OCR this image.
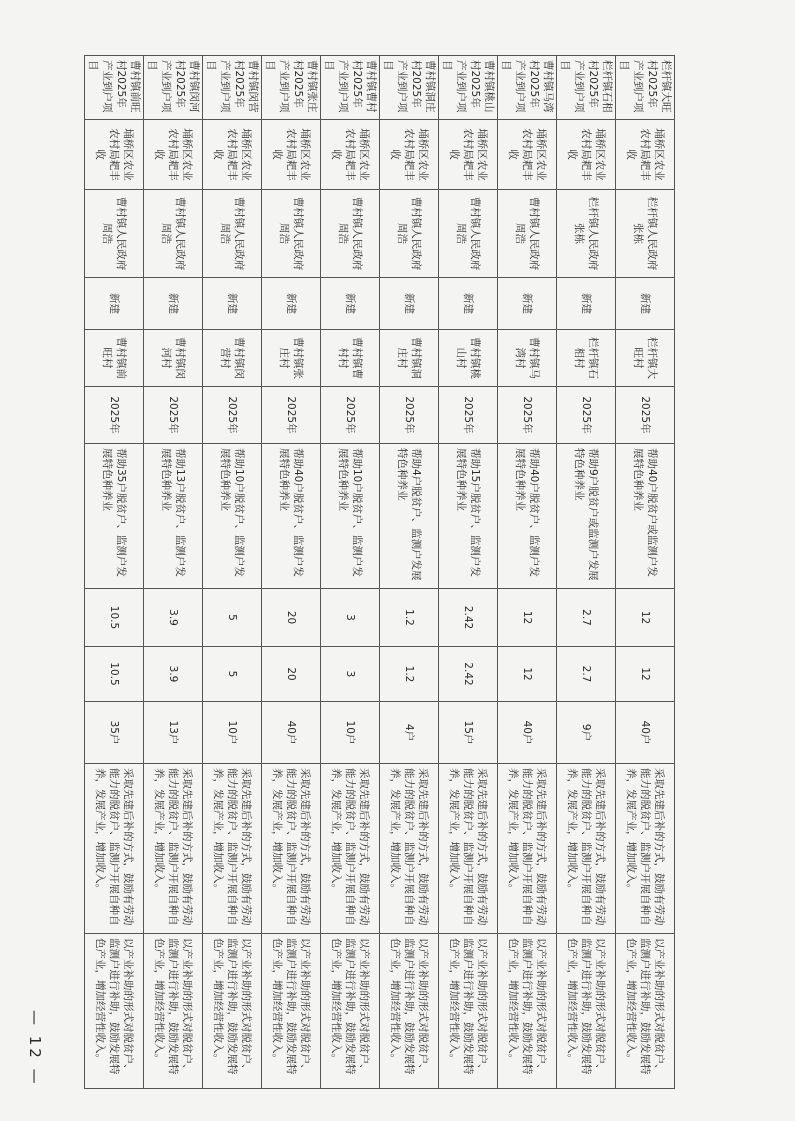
— 12 —
栏杆镇大旺村2025年产业到户项目	埇桥区农业农村局耙丰收	栏杆镇人民政府张栋	新建	栏杆镇大旺村	2025年	帮助40户脱贫户或监测户发展特色种养业	12	12	40户	采取先建后补的方式，鼓励有劳动能力的脱贫户、监测户开展自种自养，发展产业，增加收入。	以产业补助的形式对脱贫户、监测户进行补助，鼓励发展特色产业，增加经营性收入。
栏杆镇石相村2025年产业到户项目	埇桥区农业农村局耙丰收	栏杆镇人民政府张栋	新建	栏杆镇石相村	2025年	帮助9户脱贫户或监测户发展特色种养业	2.7	2.7	9户	采取先建后补的方式，鼓励有劳动能力的脱贫户、监测户开展自种自养，发展产业，增加收入。	以产业补助的形式对脱贫户、监测户进行补助，鼓励发展特色产业，增加经营性收入。
曹村镇马湾村2025年产业到户项目	埇桥区农业农村局耙丰收	曹村镇人民政府周浩	新建	曹村镇马湾村	2025年	帮助40户脱贫户、监测户发展特色种养业	12	12	40户	采取先建后补的方式，鼓励有劳动能力的脱贫户、监测户开展自种自养，发展产业，增加收入。	以产业补助的形式对脱贫户、监测户进行补助，鼓励发展特色产业，增加经营性收入。
曹村镇桃山村2025年产业到户项目	埇桥区农业农村局耙丰收	曹村镇人民政府周浩	新建	曹村镇桃山村	2025年	帮助15户脱贫户、监测户发展特色种养业	2.42	2.42	15户	采取先建后补的方式，鼓励有劳动能力的脱贫户、监测户开展自种自养，发展产业，增加收入。	以产业补助的形式对脱贫户、监测户进行补助，鼓励发展特色产业，增加经营性收入。
曹村镇洞庄村2025年产业到户项目	埇桥区农业农村局耙丰收	曹村镇人民政府周浩	新建	曹村镇洞庄村	2025年	帮助4户脱贫户、监测户发展特色种养业	1.2	1.2	4户	采取先建后补的方式，鼓励有劳动能力的脱贫户、监测户开展自种自养，发展产业，增加收入。	以产业补助的形式对脱贫户、监测户进行补助，鼓励发展特色产业，增加经营性收入。
曹村镇曹村村2025年产业到户项目	埇桥区农业农村局耙丰收	曹村镇人民政府周浩	新建	曹村镇曹村村	2025年	帮助10户脱贫户、监测户发展特色种养业	3	3	10户	采取先建后补的方式，鼓励有劳动能力的脱贫户、监测户开展自种自养，发展产业，增加收入。	以产业补助的形式对脱贫户、监测户进行补助，鼓励发展特色产业，增加经营性收入。
曹村镇张庄村2025年产业到户项目	埇桥区农业农村局耙丰收	曹村镇人民政府周浩	新建	曹村镇张庄村	2025年	帮助40户脱贫户、监测户发展特色种养业	20	20	40户	采取先建后补的方式，鼓励有劳动能力的脱贫户、监测户开展自种自养，发展产业，增加收入。	以产业补助的形式对脱贫户、监测户进行补助，鼓励发展特色产业，增加经营性收入。
曹村镇闵营村2025年产业到户项目	埇桥区农业农村局耙丰收	曹村镇人民政府周浩	新建	曹村镇闵营村	2025年	帮助10户脱贫户、监测户发展特色种养业	5	5	10户	采取先建后补的方式，鼓励有劳动能力的脱贫户、监测户开展自种自养，发展产业，增加收入。	以产业补助的形式对脱贫户、监测户进行补助，鼓励发展特色产业，增加经营性收入。
曹村镇闵河村2025年产业到户项目	埇桥区农业农村局耙丰收	曹村镇人民政府周浩	新建	曹村镇闵河村	2025年	帮助13户脱贫户、监测户发展特色种养业	3.9	3.9	13户	采取先建后补的方式，鼓励有劳动能力的脱贫户、监测户开展自种自养，发展产业，增加收入。	以产业补助的形式对脱贫户、监测户进行补助，鼓励发展特色产业，增加经营性收入。
曹村镇前旺村2025年产业到户项目	埇桥区农业农村局耙丰收	曹村镇人民政府周浩	新建	曹村镇前旺村	2025年	帮助35户脱贫户、监测户发展特色种养业	10.5	10.5	35户	采取先建后补的方式，鼓励有劳动能力的脱贫户、监测户开展自种自养，发展产业，增加收入。	以产业补助的形式对脱贫户、监测户进行补助，鼓励发展特色产业，增加经营性收入。
